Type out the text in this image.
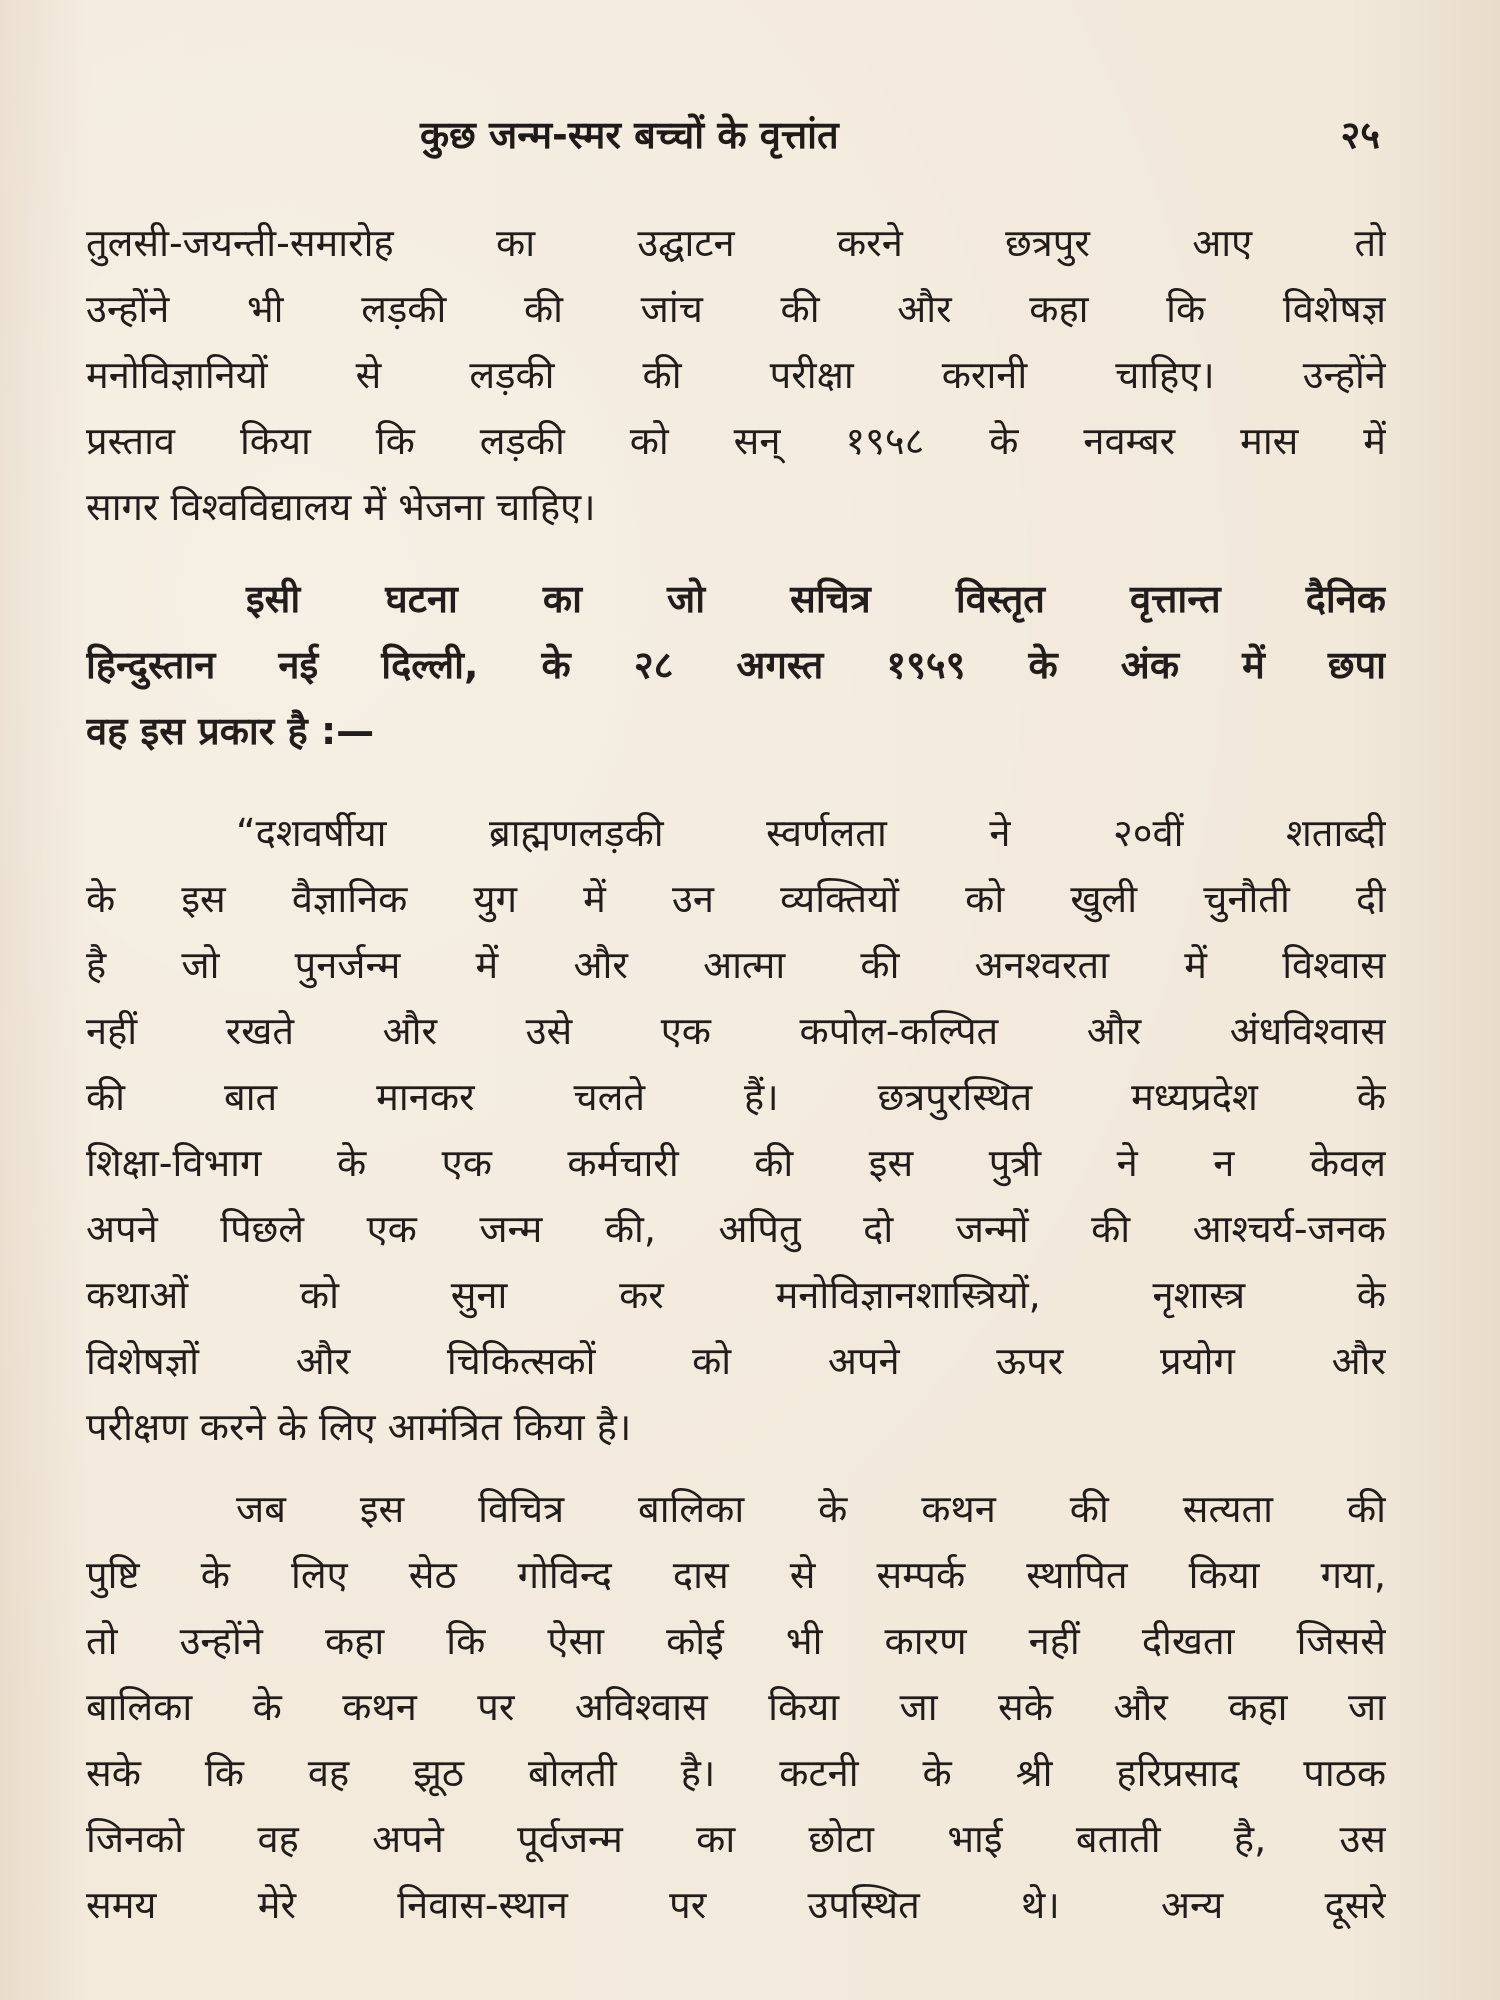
कुछ जन्म-स्मर बच्चों के वृत्तांत	२५
तुलसी-जयन्ती-समारोह का उद्घाटन करने छत्रपुर आए तो
उन्होंने भी लड़की की जांच की और कहा कि विशेषज्ञ
मनोविज्ञानियों से लड़की की परीक्षा करानी चाहिए। उन्होंने
प्रस्ताव किया कि लड़की को सन् १९५८ के नवम्बर मास में
सागर विश्वविद्यालय में भेजना चाहिए।
इसी घटना का जो सचित्र विस्तृत वृत्तान्त दैनिक
हिन्दुस्तान नई दिल्ली, के २८ अगस्त १९५९ के अंक में छपा
वह इस प्रकार है :—
“दशवर्षीया ब्राह्मणलड़की स्वर्णलता ने २०वीं शताब्दी
के इस वैज्ञानिक युग में उन व्यक्तियों को खुली चुनौती दी
है जो पुनर्जन्म में और आत्मा की अनश्वरता में विश्वास
नहीं रखते और उसे एक कपोल-कल्पित और अंधविश्वास
की बात मानकर चलते हैं। छत्रपुरस्थित मध्यप्रदेश के
शिक्षा-विभाग के एक कर्मचारी की इस पुत्री ने न केवल
अपने पिछले एक जन्म की, अपितु दो जन्मों की आश्चर्य-जनक
कथाओं को सुना कर मनोविज्ञानशास्त्रियों, नृशास्त्र के
विशेषज्ञों और चिकित्सकों को अपने ऊपर प्रयोग और
परीक्षण करने के लिए आमंत्रित किया है।
जब इस विचित्र बालिका के कथन की सत्यता की
पुष्टि के लिए सेठ गोविन्द दास से सम्पर्क स्थापित किया गया,
तो उन्होंने कहा कि ऐसा कोई भी कारण नहीं दीखता जिससे
बालिका के कथन पर अविश्वास किया जा सके और कहा जा
सके कि वह झूठ बोलती है। कटनी के श्री हरिप्रसाद पाठक
जिनको वह अपने पूर्वजन्म का छोटा भाई बताती है, उस
समय मेरे निवास-स्थान पर उपस्थित थे। अन्य दूसरे
